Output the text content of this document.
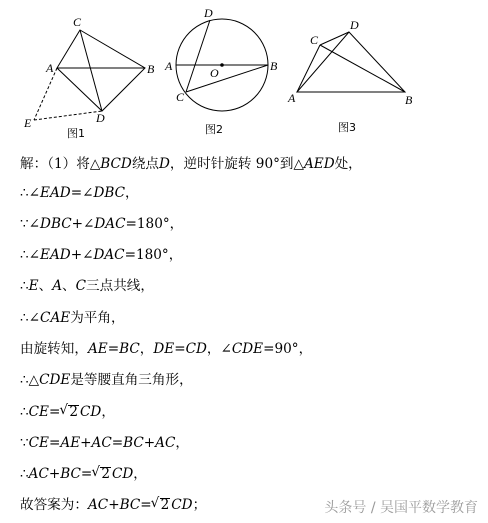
C
A	B
D
E
图1
D
A	B
O
C
图2
D
C
A	B
图3
解：（1）将△BCD绕点D，逆时针旋转 90°到△AED处，
∴∠EAD=∠DBC，
∵∠DBC+∠DAC=180°，
∴∠EAD+∠DAC=180°，
∴E、A、C三点共线，
∴∠CAE为平角，
由旋转知，AE=BC，DE=CD，∠CDE=90°，
∴△CDE是等腰直角三角形，
∴CE= √ 2 CD，
∵CE=AE+AC=BC+AC，
∴AC+BC= √ 2 CD，
故答案为：AC+BC= √ 2 CD；	头条号 / 吴国平数学教育
